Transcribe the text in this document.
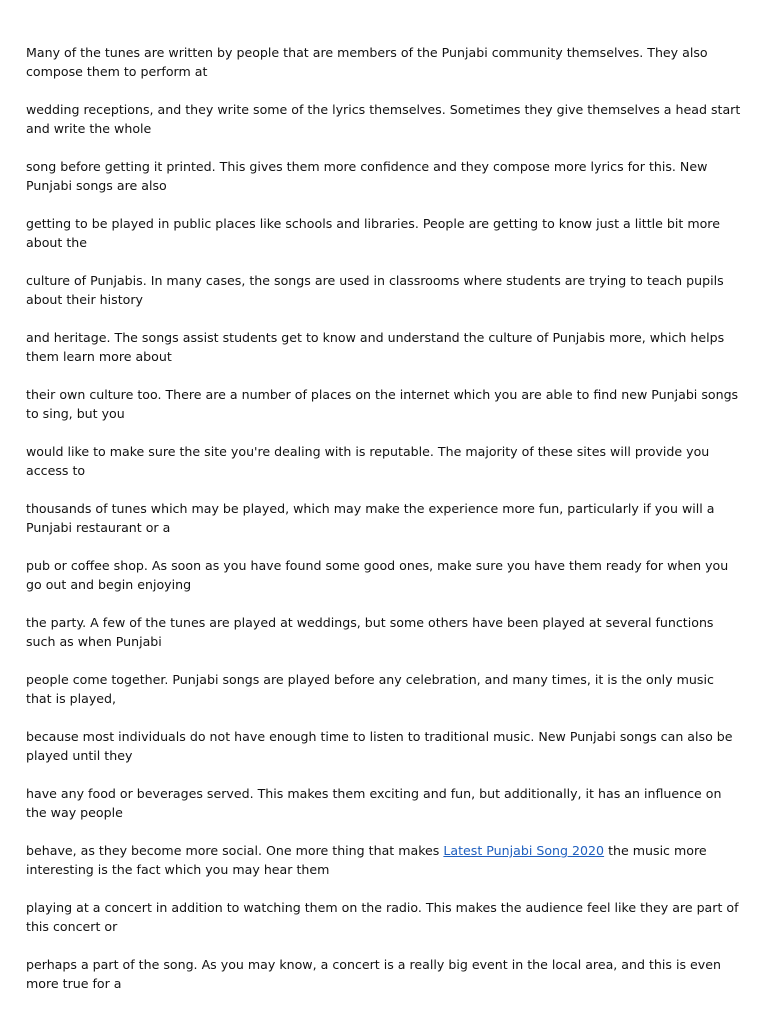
Many of the tunes are written by people that are members of the Punjabi community themselves. They also compose them to perform at

wedding receptions, and they write some of the lyrics themselves. Sometimes they give themselves a head start and write the whole

song before getting it printed. This gives them more confidence and they compose more lyrics for this. New Punjabi songs are also

getting to be played in public places like schools and libraries. People are getting to know just a little bit more about the

culture of Punjabis. In many cases, the songs are used in classrooms where students are trying to teach pupils about their history

and heritage. The songs assist students get to know and understand the culture of Punjabis more, which helps them learn more about

their own culture too. There are a number of places on the internet which you are able to find new Punjabi songs to sing, but you

would like to make sure the site you're dealing with is reputable. The majority of these sites will provide you access to

thousands of tunes which may be played, which may make the experience more fun, particularly if you will a Punjabi restaurant or a

pub or coffee shop. As soon as you have found some good ones, make sure you have them ready for when you go out and begin enjoying

the party. A few of the tunes are played at weddings, but some others have been played at several functions such as when Punjabi

people come together. Punjabi songs are played before any celebration, and many times, it is the only music that is played,

because most individuals do not have enough time to listen to traditional music. New Punjabi songs can also be played until they

have any food or beverages served. This makes them exciting and fun, but additionally, it has an influence on the way people

behave, as they become more social. One more thing that makes Latest Punjabi Song 2020 the music more interesting is the fact which you may hear them

playing at a concert in addition to watching them on the radio. This makes the audience feel like they are part of this concert or

perhaps a part of the song. As you may know, a concert is a really big event in the local area, and this is even more true for a
